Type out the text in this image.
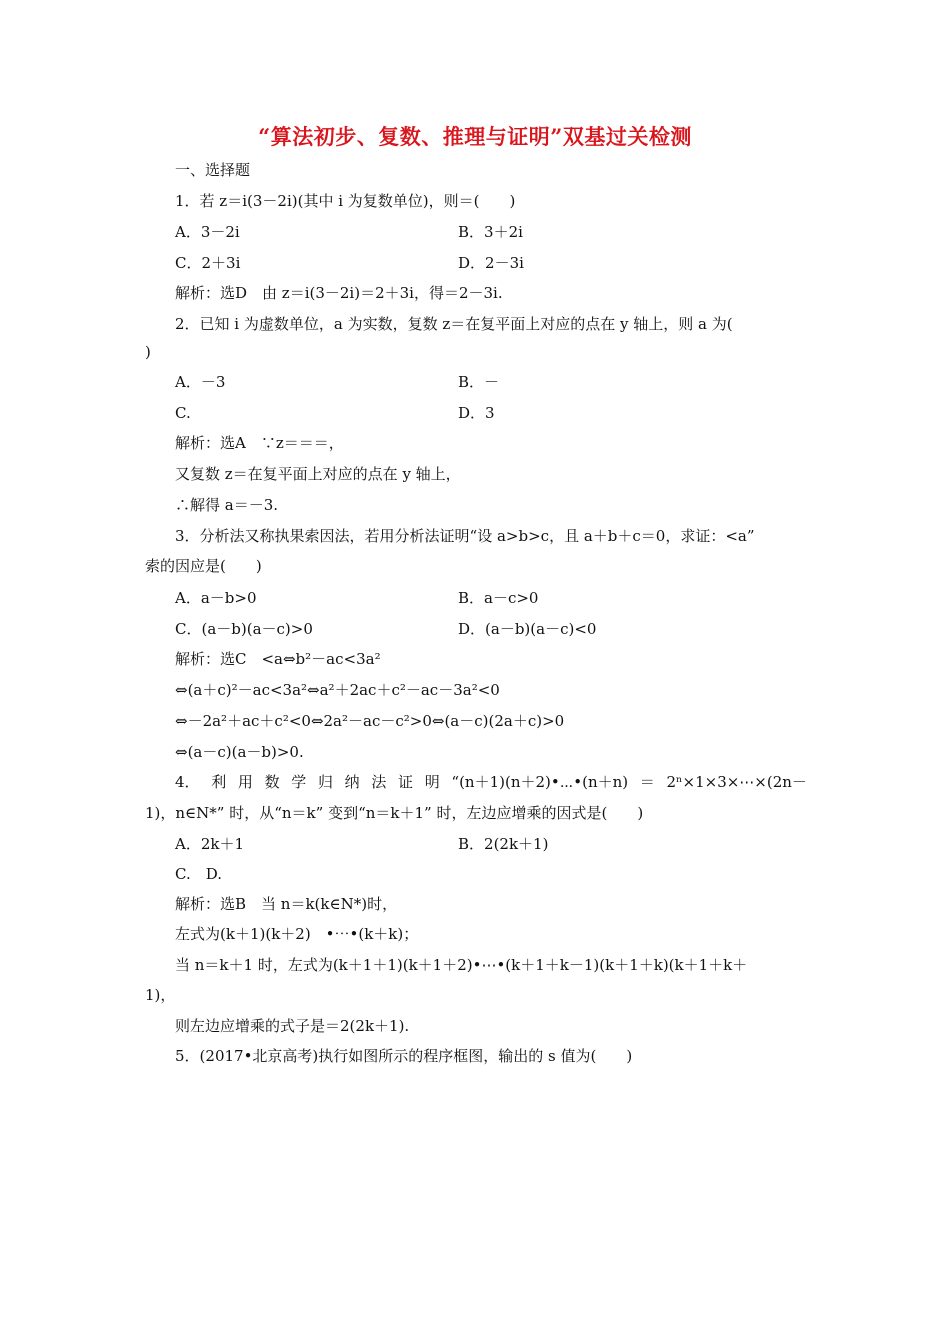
“算法初步、复数、推理与证明”双基过关检测
一、选择题
1．若 z＝i(3－2i)(其中 i 为复数单位)，则＝(　　)
A．3－2i	B．3＋2i
C．2＋3i	D．2－3i
解析：选D　由 z＝i(3－2i)＝2＋3i，得＝2－3i.
2．已知 i 为虚数单位，a 为实数，复数 z＝在复平面上对应的点在 y 轴上，则 a 为(
)
A．－3	B．－
C.	D．3
解析：选A　∵z＝＝＝，
又复数 z＝在复平面上对应的点在 y 轴上，
∴解得 a＝－3.
3．分析法又称执果索因法，若用分析法证明“设 a>b>c，且 a＋b＋c＝0，求证：<a”
索的因应是(　　)
A．a－b>0	B．a－c>0
C．(a－b)(a－c)>0	D．(a－b)(a－c)<0
解析：选C　<a⇔b²－ac<3a²
⇔(a＋c)²－ac<3a²⇔a²＋2ac＋c²－ac－3a²<0
⇔－2a²＋ac＋c²<0⇔2a²－ac－c²>0⇔(a－c)(2a＋c)>0
⇔(a－c)(a－b)>0.
4． 利 用 数 学 归 纳 法 证 明 “(n＋1)(n＋2)•⋯•(n＋n) ＝ 2ⁿ×1×3×⋯×(2n－
1)，n∈N*” 时，从“n＝k” 变到“n＝k＋1” 时，左边应增乘的因式是(　　)
A．2k＋1	B．2(2k＋1)
C.　D.
解析：选B　当 n＝k(k∈N*)时，
左式为(k＋1)(k＋2)　•⋯•(k＋k)；
当 n＝k＋1 时，左式为(k＋1＋1)(k＋1＋2)•⋯•(k＋1＋k－1)(k＋1＋k)(k＋1＋k＋
1)，
则左边应增乘的式子是＝2(2k＋1).
5．(2017•北京高考)执行如图所示的程序框图，输出的 s 值为(　　)
